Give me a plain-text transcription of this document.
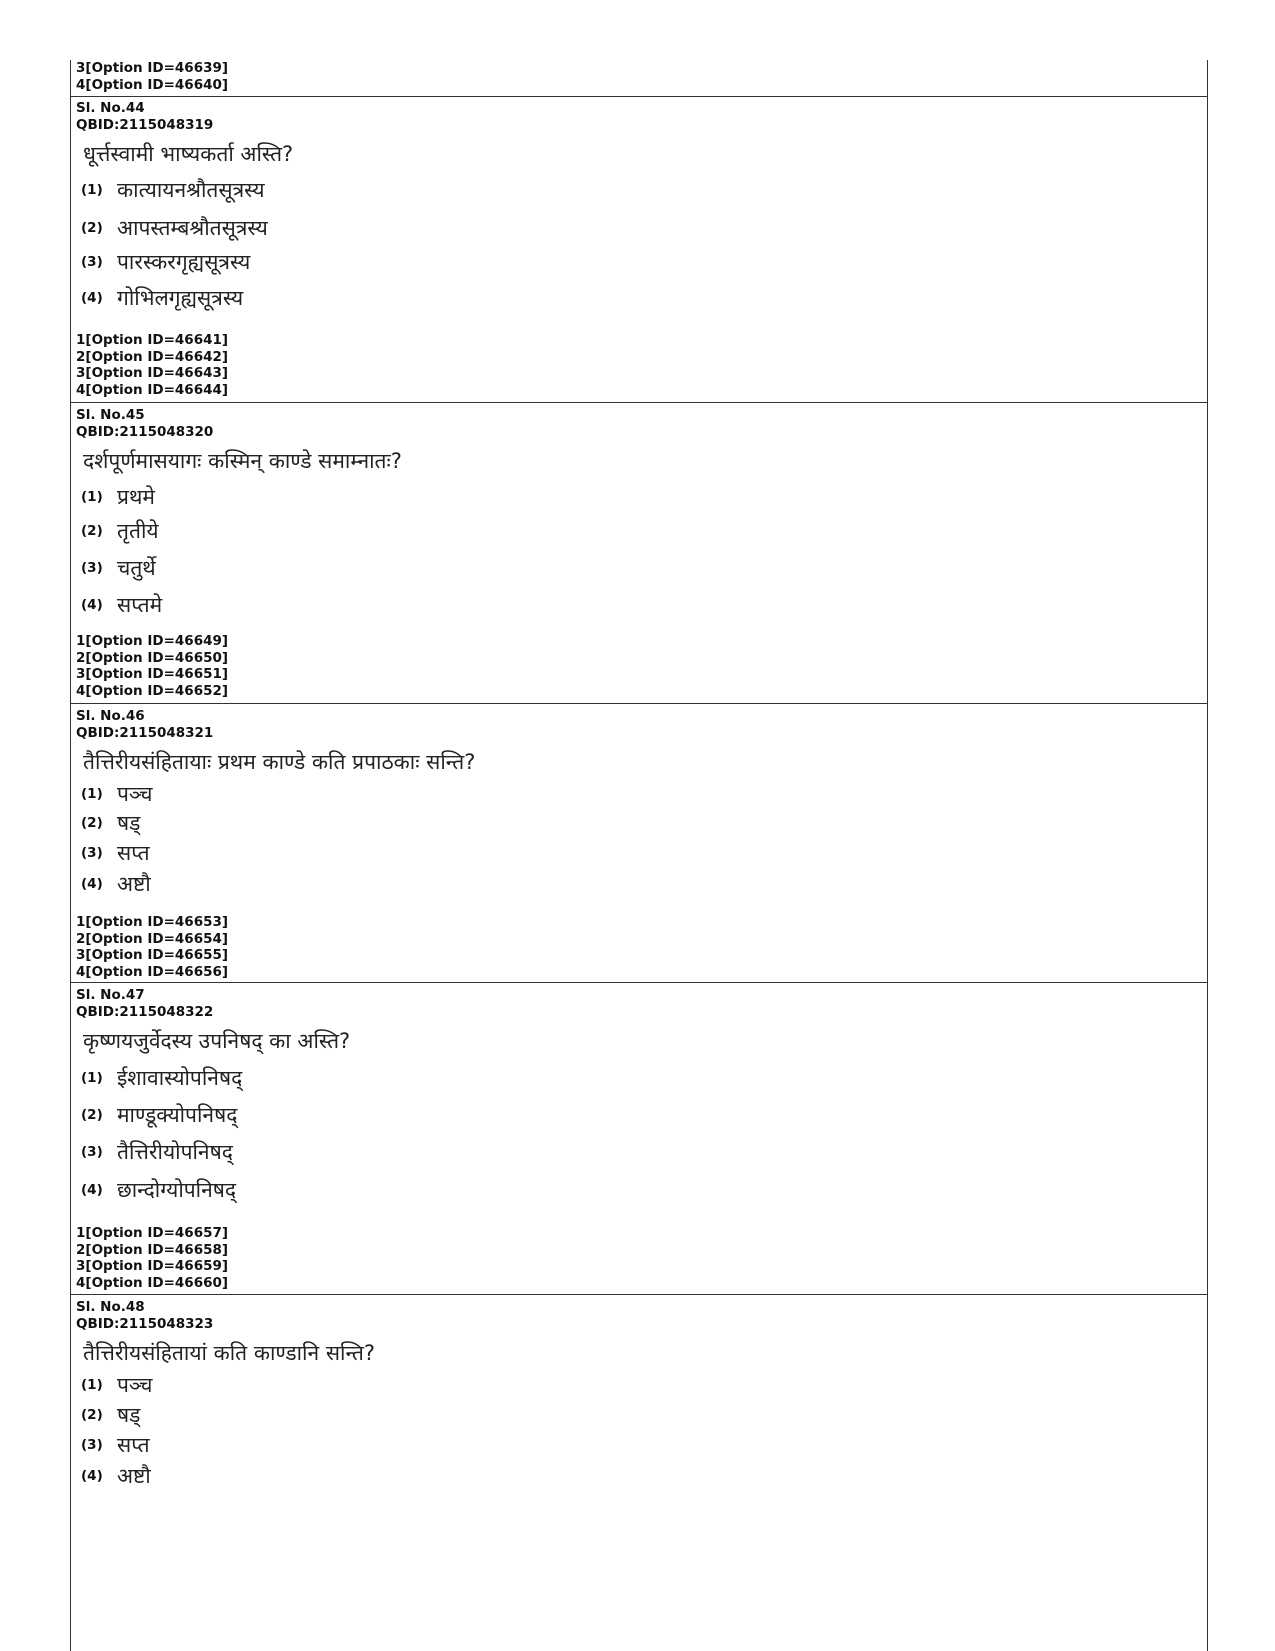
3[Option ID=46639]
4[Option ID=46640]
Sl. No.44
QBID:2115048319
धूर्त्तस्वामी भाष्यकर्ता अस्ति?
(1) कात्यायनश्रौतसूत्रस्य
(2) आपस्तम्बश्रौतसूत्रस्य
(3) पारस्करगृह्यसूत्रस्य
(4) गोभिलगृह्यसूत्रस्य
1[Option ID=46641]
2[Option ID=46642]
3[Option ID=46643]
4[Option ID=46644]
Sl. No.45
QBID:2115048320
दर्शपूर्णमासयागः कस्मिन् काण्डे समाम्नातः?
(1) प्रथमे
(2) तृतीये
(3) चतुर्थे
(4) सप्तमे
1[Option ID=46649]
2[Option ID=46650]
3[Option ID=46651]
4[Option ID=46652]
Sl. No.46
QBID:2115048321
तैत्तिरीयसंहितायाः प्रथम काण्डे कति प्रपाठकाः सन्ति?
(1) पञ्च
(2) षड्
(3) सप्त
(4) अष्टौ
1[Option ID=46653]
2[Option ID=46654]
3[Option ID=46655]
4[Option ID=46656]
Sl. No.47
QBID:2115048322
कृष्णयजुर्वेदस्य उपनिषद् का अस्ति?
(1) ईशावास्योपनिषद्
(2) माण्डूक्योपनिषद्
(3) तैत्तिरीयोपनिषद्
(4) छान्दोग्योपनिषद्
1[Option ID=46657]
2[Option ID=46658]
3[Option ID=46659]
4[Option ID=46660]
Sl. No.48
QBID:2115048323
तैत्तिरीयसंहितायां कति काण्डानि सन्ति?
(1) पञ्च
(2) षड्
(3) सप्त
(4) अष्टौ
